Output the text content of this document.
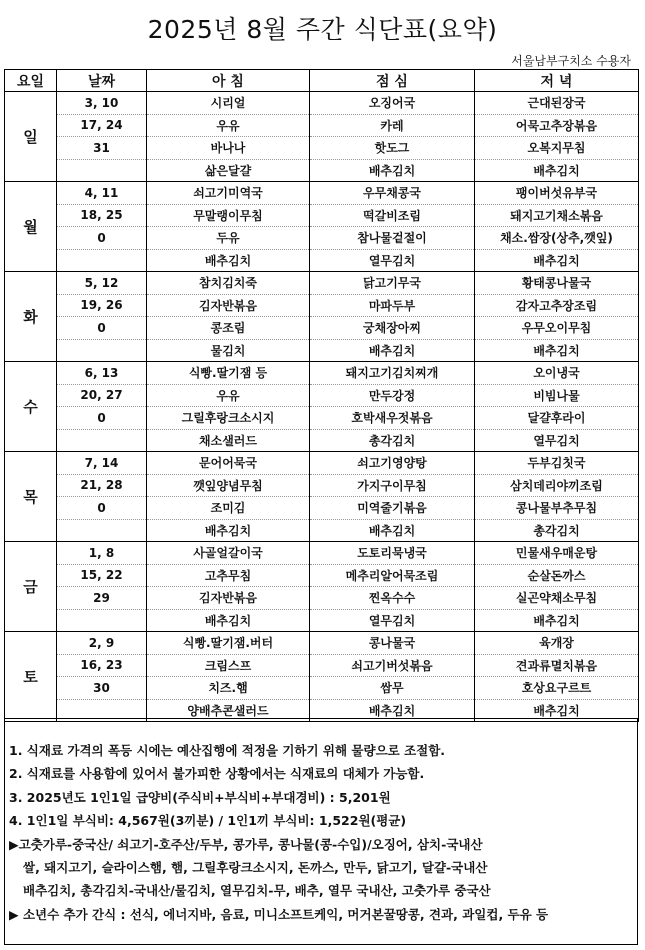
2025년 8월 주간 식단표(요약)
서울남부구치소 수용자
요일	날짜	아 침	점 심	저 녁
일	3, 10	시리얼	오징어국	근대된장국
	17, 24	우유	카레	어묵고추장볶음
	31	바나나	핫도그	오복지무침
		삶은달걀	배추김치	배추김치
월	4, 11	쇠고기미역국	우무채콩국	팽이버섯유부국
	18, 25	무말랭이무침	떡갈비조림	돼지고기채소볶음
	0	두유	참나물겉절이	채소.쌈장(상추,깻잎)
		배추김치	열무김치	배추김치
화	5, 12	참치김치죽	닭고기무국	황태콩나물국
	19, 26	김자반볶음	마파두부	감자고추장조림
	0	콩조림	궁채장아찌	우무오이무침
		물김치	배추김치	배추김치
수	6, 13	식빵.딸기잼 등	돼지고기김치찌개	오이냉국
	20, 27	우유	만두강정	비빔나물
	0	그릴후랑크소시지	호박새우젓볶음	달걀후라이
		채소샐러드	총각김치	열무김치
목	7, 14	문어어묵국	쇠고기영양탕	두부김칫국
	21, 28	깻잎양념무침	가지구이무침	삼치데리야끼조림
	0	조미김	미역줄기볶음	콩나물부추무침
		배추김치	배추김치	총각김치
금	1, 8	사골얼갈이국	도토리묵냉국	민물새우매운탕
	15, 22	고추무침	메추리알어묵조림	순살돈까스
	29	김자반볶음	찐옥수수	실곤약채소무침
		배추김치	열무김치	배추김치
토	2, 9	식빵.딸기잼.버터	콩나물국	육개장
	16, 23	크림스프	쇠고기버섯볶음	견과류멸치볶음
	30	치즈.햄	쌈무	호상요구르트
		양배추콘샐러드	배추김치	배추김치
1. 식재료 가격의 폭등 시에는 예산집행에 적정을 기하기 위해 물량으로 조절함.
2. 식재료를 사용함에 있어서 불가피한 상황에서는 식재료의 대체가 가능함.
3. 2025년도 1인1일 급양비(주식비+부식비+부대경비) : 5,201원
4. 1인1일 부식비: 4,567원(3끼분) / 1인1끼 부식비: 1,522원(평균)
▶고춧가루-중국산/ 쇠고기-호주산/두부, 콩가루, 콩나물(콩-수입)/오징어, 삼치-국내산
쌀, 돼지고기, 슬라이스햄, 햄, 그릴후랑크소시지, 돈까스, 만두, 닭고기, 달걀-국내산
배추김치, 총각김치-국내산/물김치, 열무김치-무, 배추, 열무 국내산, 고춧가루 중국산
▶ 소년수 추가 간식 : 선식, 에너지바, 음료, 미니소프트케익, 머거본꿀땅콩, 견과, 과일컵, 두유 등
